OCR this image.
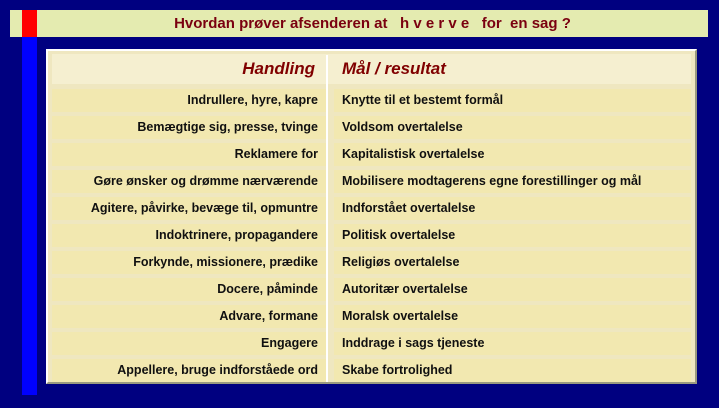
Hvordan prøver afsenderen at   h v e r v e   for  en sag ?
Handling	Mål / resultat
Indrullere, hyre, kapre	Knytte til et bestemt formål
Bemægtige sig, presse, tvinge	Voldsom overtalelse
Reklamere for	Kapitalistisk overtalelse
Gøre ønsker og drømme nærværende	Mobilisere modtagerens egne forestillinger og mål
Agitere, påvirke, bevæge til, opmuntre	Indforstået overtalelse
Indoktrinere, propagandere	Politisk overtalelse
Forkynde, missionere, prædike	Religiøs overtalelse
Docere, påminde	Autoritær overtalelse
Advare, formane	Moralsk overtalelse
Engagere	Inddrage i sags tjeneste
Appellere, bruge indforståede ord	Skabe fortrolighed
